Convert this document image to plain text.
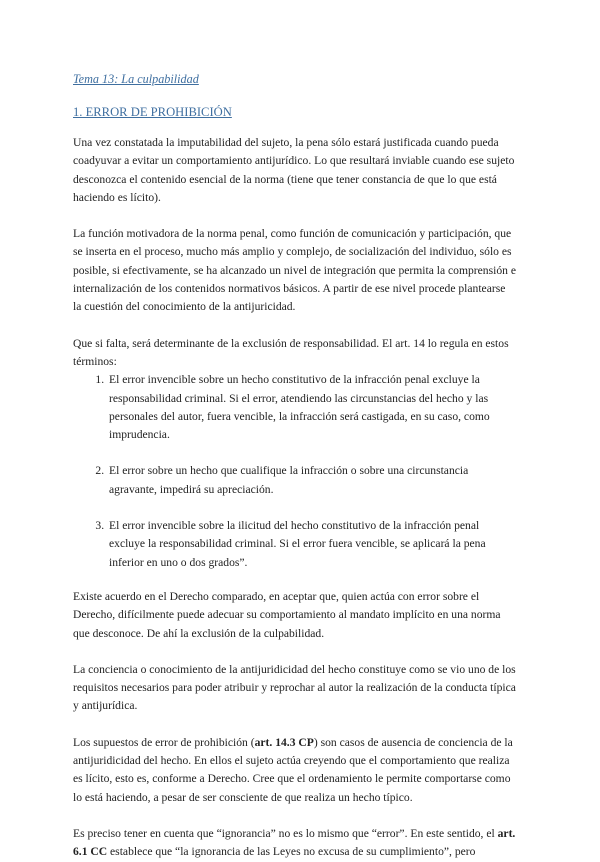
Tema 13: La culpabilidad
1. ERROR DE PROHIBICIÓN

Una vez constatada la imputabilidad del sujeto, la pena sólo estará justificada cuando pueda coadyuvar a evitar un comportamiento antijurídico. Lo que resultará inviable cuando ese sujeto desconozca el contenido esencial de la norma (tiene que tener constancia de que lo que está haciendo es lícito).

La función motivadora de la norma penal, como función de comunicación y participación, que se inserta en el proceso, mucho más amplio y complejo, de socialización del individuo, sólo es posible, si efectivamente, se ha alcanzado un nivel de integración que permita la comprensión e internalización de los contenidos normativos básicos. A partir de ese nivel procede plantearse la cuestión del conocimiento de la antijuricidad.

Que si falta, será determinante de la exclusión de responsabilidad. El art. 14 lo regula en estos términos:

1. El error invencible sobre un hecho constitutivo de la infracción penal excluye la responsabilidad criminal. Si el error, atendiendo las circunstancias del hecho y las personales del autor, fuera vencible, la infracción será castigada, en su caso, como imprudencia.
2. El error sobre un hecho que cualifique la infracción o sobre una circunstancia agravante, impedirá su apreciación.
3. El error invencible sobre la ilicitud del hecho constitutivo de la infracción penal excluye la responsabilidad criminal. Si el error fuera vencible, se aplicará la pena inferior en uno o dos grados”.

Existe acuerdo en el Derecho comparado, en aceptar que, quien actúa con error sobre el Derecho, difícilmente puede adecuar su comportamiento al mandato implícito en una norma que desconoce. De ahí la exclusión de la culpabilidad.

La conciencia o conocimiento de la antijuridicidad del hecho constituye como se vio uno de los requisitos necesarios para poder atribuir y reprochar al autor la realización de la conducta típica y antijurídica.

Los supuestos de error de prohibición (art. 14.3 CP) son casos de ausencia de conciencia de la antijuridicidad del hecho. En ellos el sujeto actúa creyendo que el comportamiento que realiza es lícito, esto es, conforme a Derecho. Cree que el ordenamiento le permite comportarse como lo está haciendo, a pesar de ser consciente de que realiza un hecho típico.

Es preciso tener en cuenta que “ignorancia” no es lo mismo que “error”. En este sentido, el art. 6.1 CC establece que “la ignorancia de las Leyes no excusa de su cumplimiento”, pero
